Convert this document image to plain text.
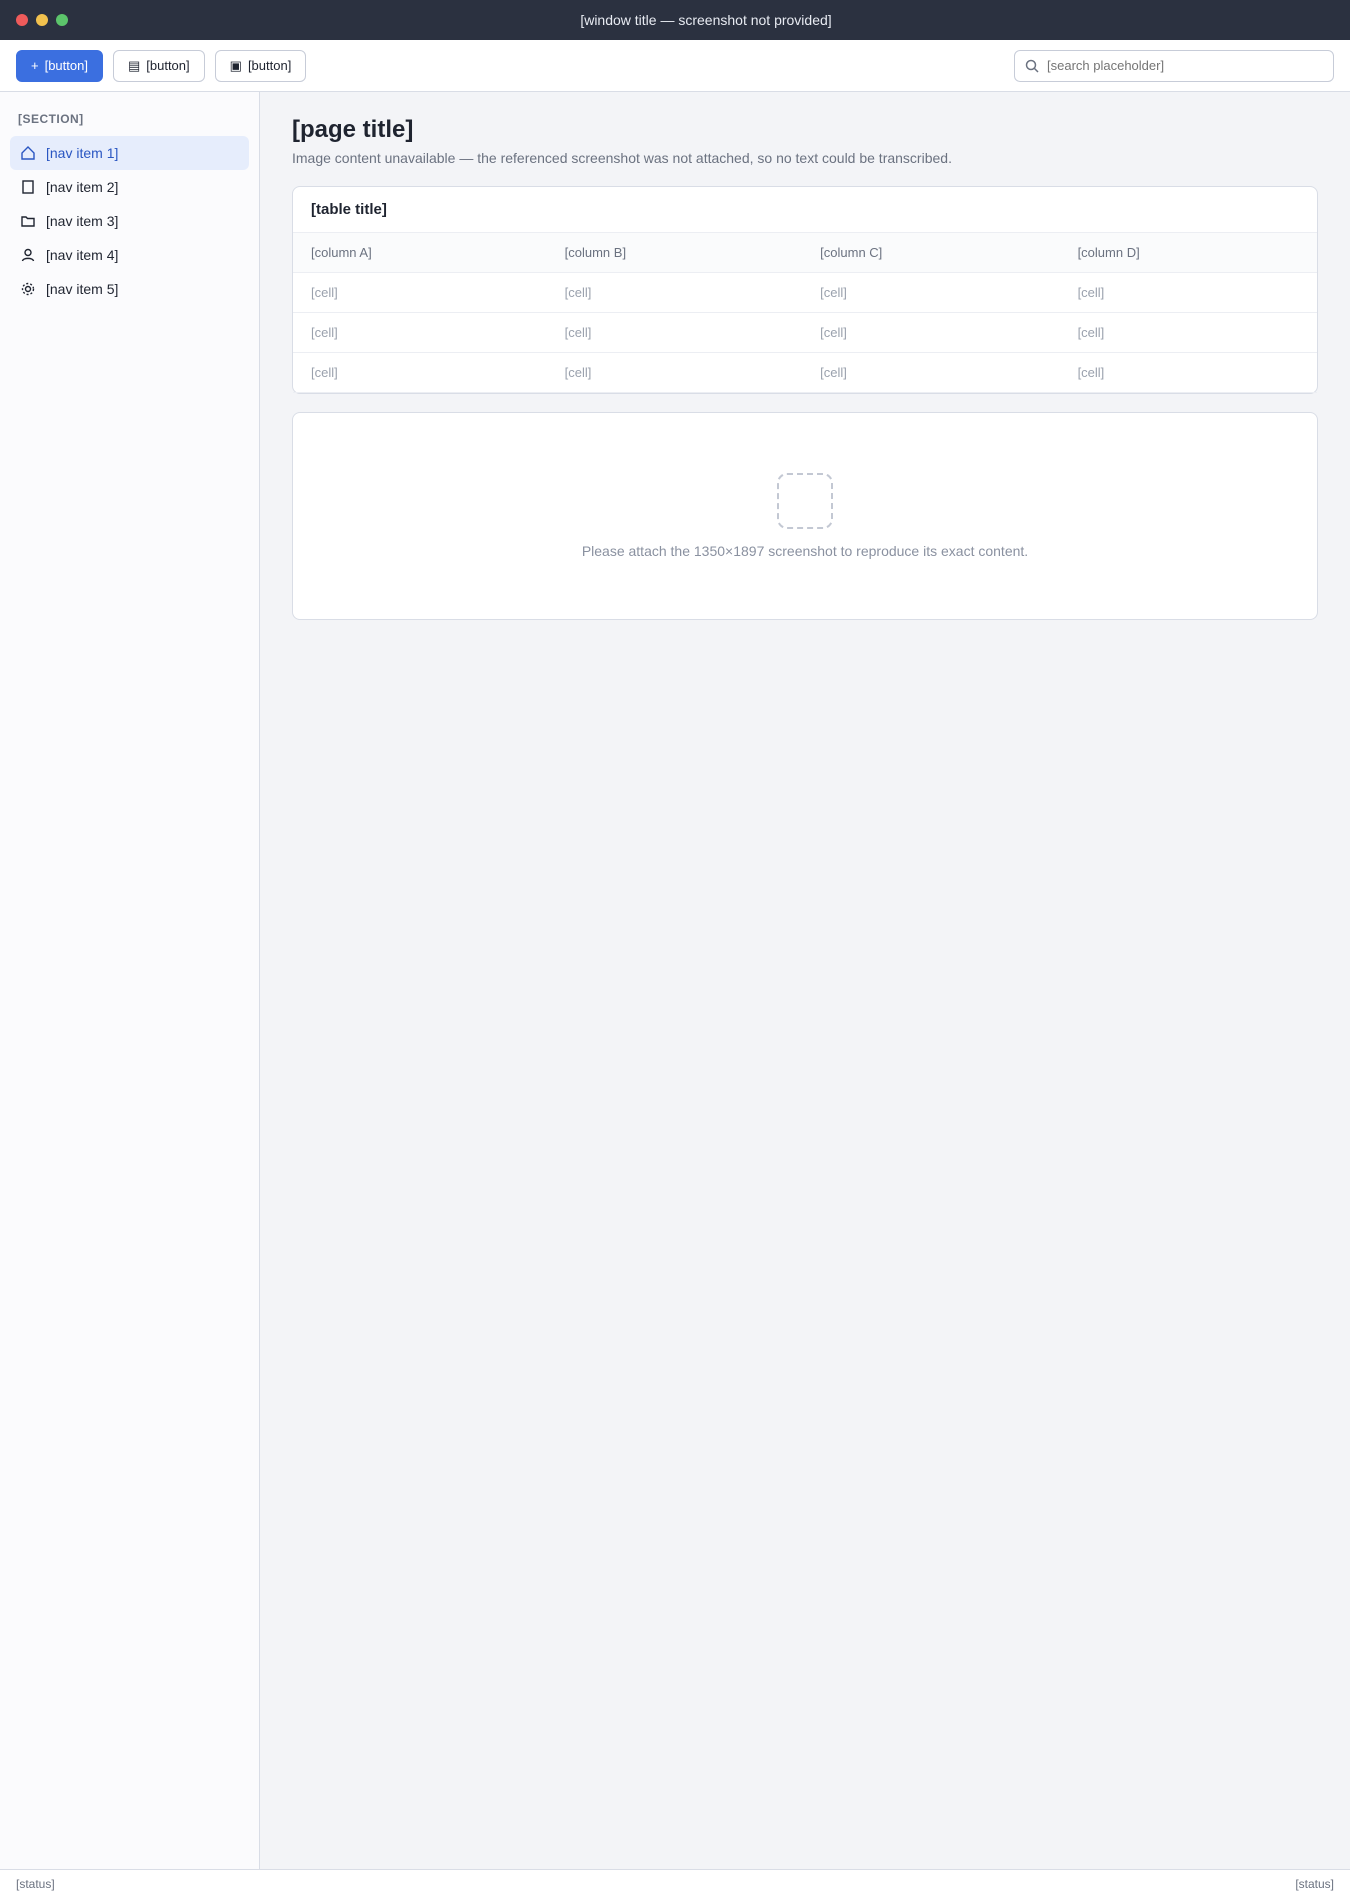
[window title — screenshot not provided]
+ [button]	▤ [button]	▣ [button]
[search placeholder]
[SECTION]
[nav item 1]
[nav item 2]
[nav item 3]
[nav item 4]
[nav item 5]
[page title]

Image content unavailable — the referenced screenshot was not attached, so no text could be transcribed.

[table title]
[column A]	[column B]	[column C]	[column D]
[cell]	[cell]	[cell]	[cell]
[cell]	[cell]	[cell]	[cell]
[cell]	[cell]	[cell]	[cell]

Please attach the 1350×1897 screenshot to reproduce its exact content.

[status]	[status]
